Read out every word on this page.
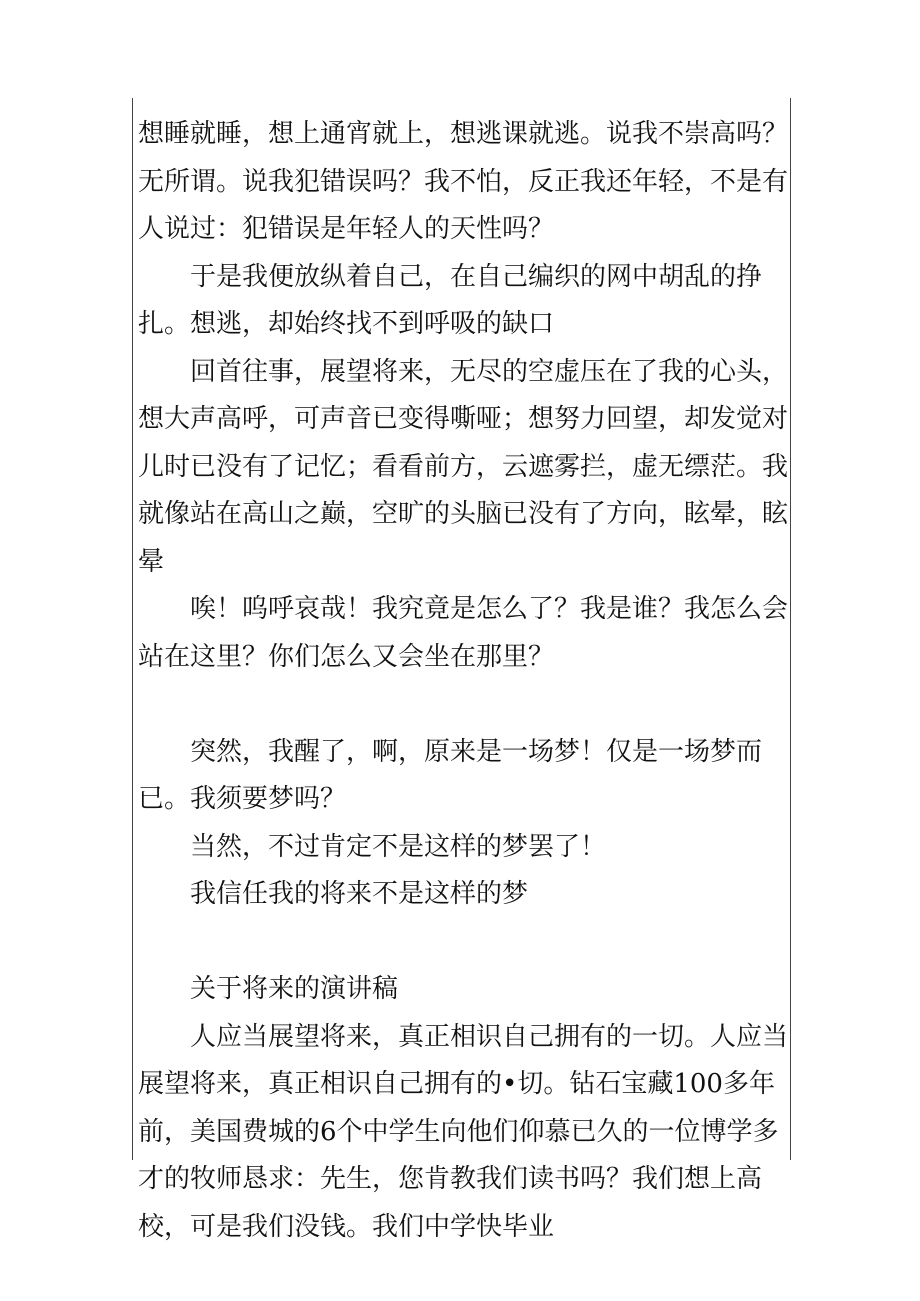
想睡就睡，想上通宵就上，想逃课就逃。说我不崇高吗？无所谓。说我犯错误吗？我不怕，反正我还年轻，不是有人说过：犯错误是年轻人的天性吗？

于是我便放纵着自己，在自己编织的网中胡乱的挣扎。想逃，却始终找不到呼吸的缺口

回首往事，展望将来，无尽的空虚压在了我的心头，想大声高呼，可声音已变得嘶哑；想努力回望，却发觉对儿时已没有了记忆；看看前方，云遮雾拦，虚无缥茫。我就像站在高山之巅，空旷的头脑已没有了方向，眩晕，眩晕

唉！呜呼哀哉！我究竟是怎么了？我是谁？我怎么会站在这里？你们怎么又会坐在那里？

突然，我醒了，啊，原来是一场梦！仅是一场梦而已。我须要梦吗？

当然，不过肯定不是这样的梦罢了！

我信任我的将来不是这样的梦

关于将来的演讲稿

人应当展望将来，真正相识自己拥有的一切。人应当展望将来，真正相识自己拥有的•切。钻石宝藏100多年前，美国费城的6个中学生向他们仰慕已久的一位博学多才的牧师恳求：先生，您肯教我们读书吗？我们想上高校，可是我们没钱。我们中学快毕业
